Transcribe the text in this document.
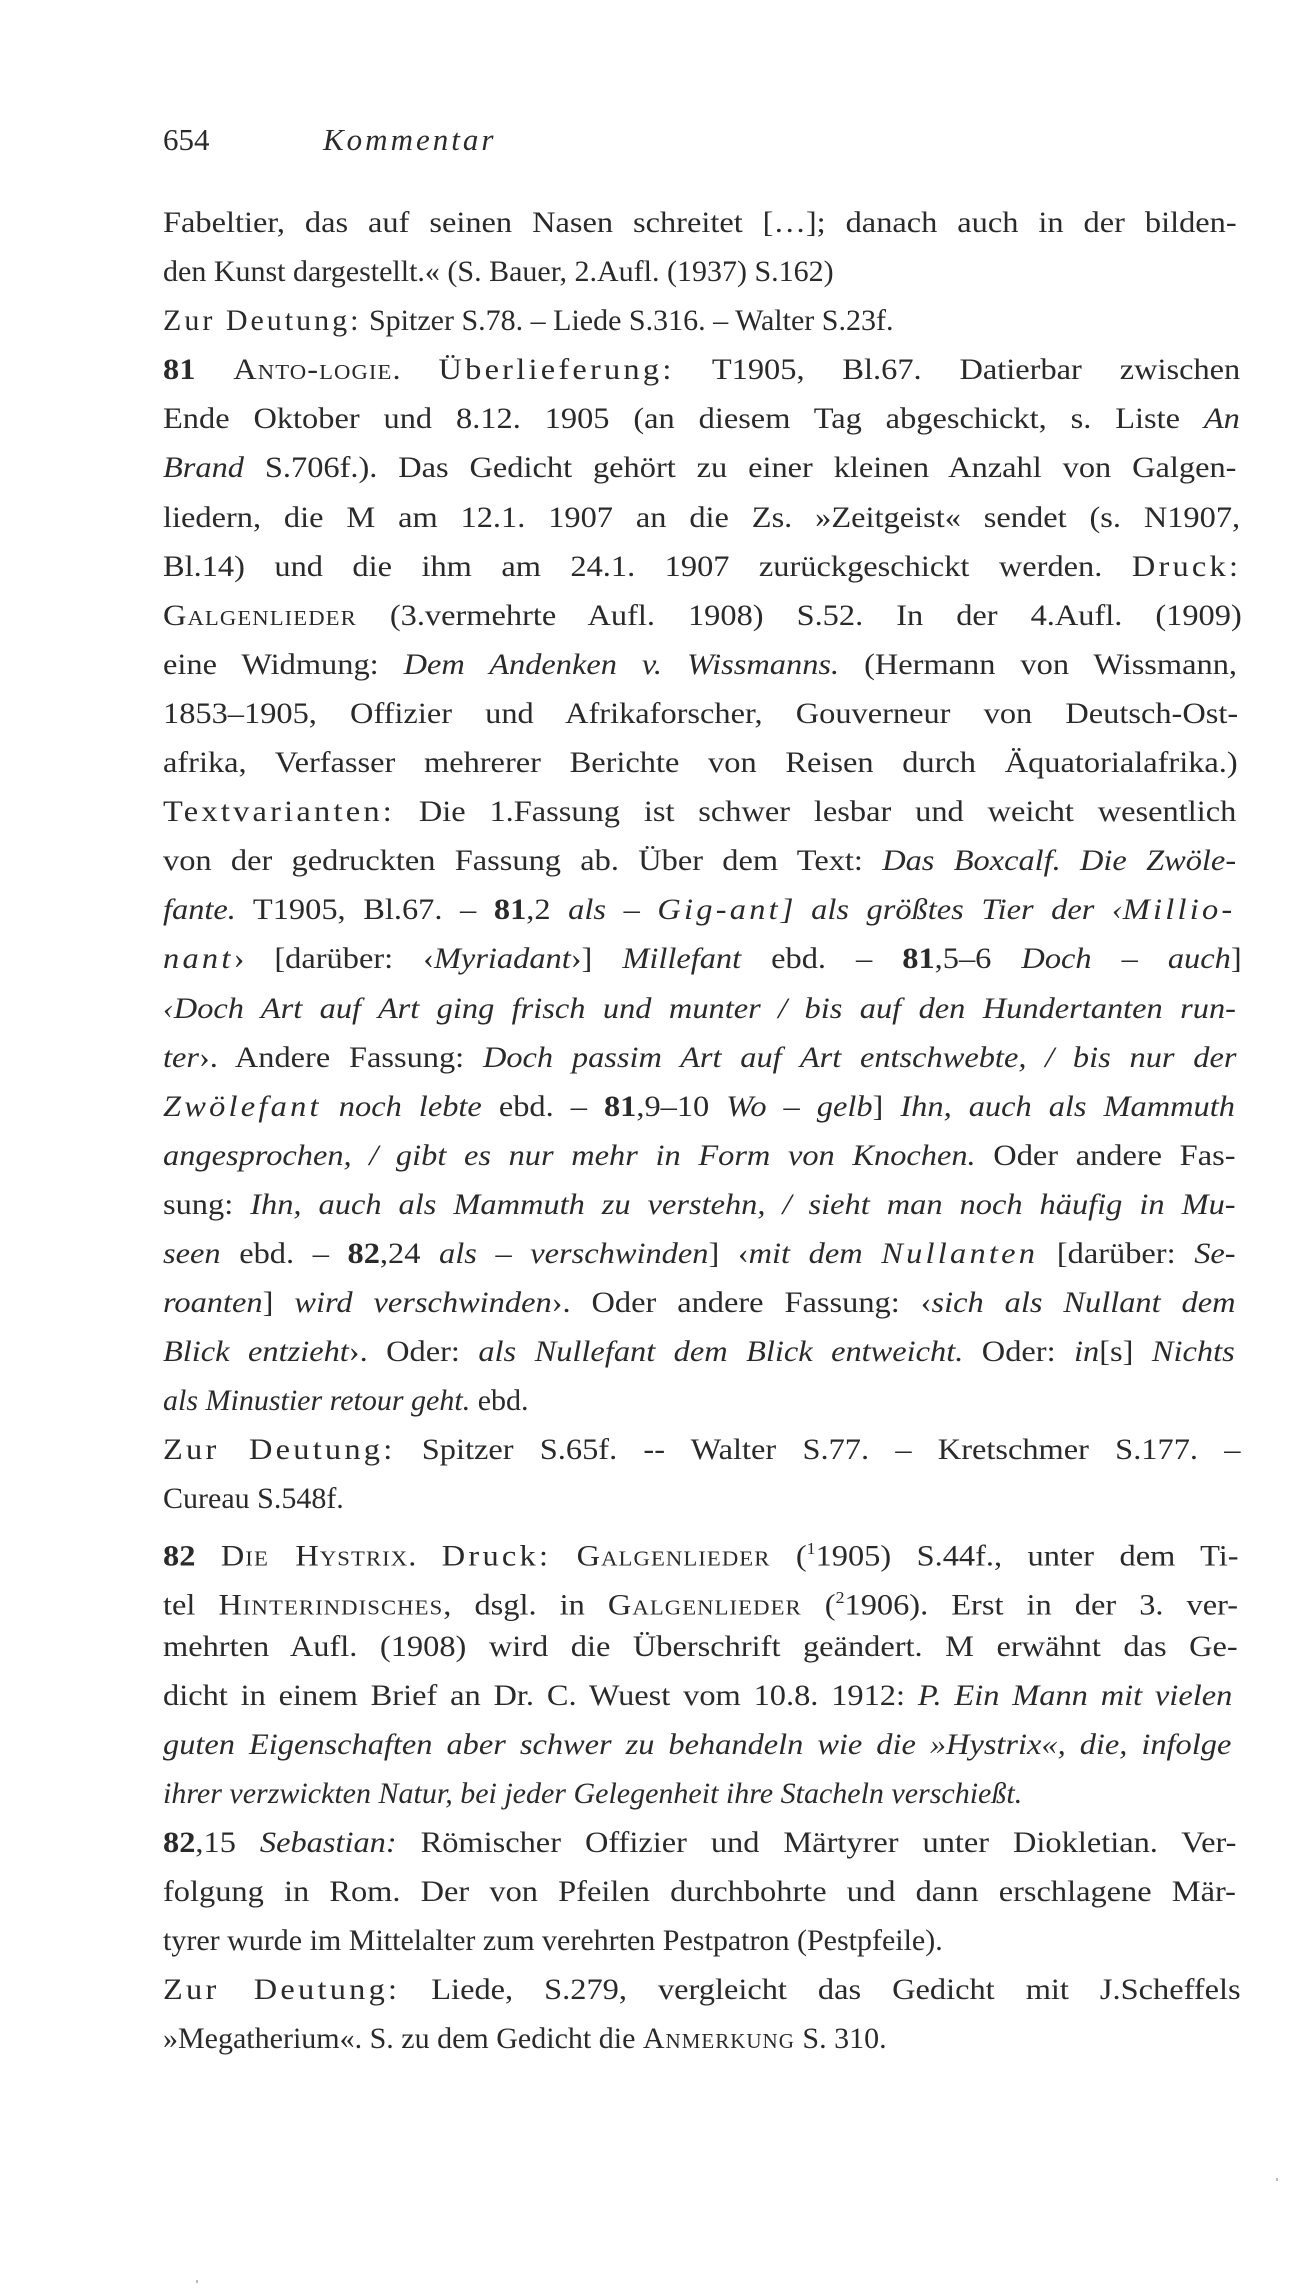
654	Kommentar
Fabeltier, das auf seinen Nasen schreitet […]; danach auch in der bilden-
den Kunst dargestellt.« (S. Bauer, 2.Aufl. (1937) S.162)
Zur Deutung: Spitzer S.78. – Liede S.316. – Walter S.23f.
81 Anto-logie. Überlieferung: T1905, Bl.67. Datierbar zwischen
Ende Oktober und 8.12. 1905 (an diesem Tag abgeschickt, s. Liste An
Brand S.706f.). Das Gedicht gehört zu einer kleinen Anzahl von Galgen-
liedern, die M am 12.1. 1907 an die Zs. »Zeitgeist« sendet (s. N1907,
Bl.14) und die ihm am 24.1. 1907 zurückgeschickt werden. Druck:
Galgenlieder (3.vermehrte Aufl. 1908) S.52. In der 4.Aufl. (1909)
eine Widmung: Dem Andenken v. Wissmanns. (Hermann von Wissmann,
1853–1905, Offizier und Afrikaforscher, Gouverneur von Deutsch-Ost-
afrika, Verfasser mehrerer Berichte von Reisen durch Äquatorialafrika.)
Textvarianten: Die 1.Fassung ist schwer lesbar und weicht wesentlich
von der gedruckten Fassung ab. Über dem Text: Das Boxcalf. Die Zwöle-
fante. T1905, Bl.67. – 81,2 als – Gig-ant] als größtes Tier der ‹Millio-
nant› [darüber: ‹Myriadant›] Millefant ebd. – 81,5–6 Doch – auch]
‹Doch Art auf Art ging frisch und munter / bis auf den Hundertanten run-
ter›. Andere Fassung: Doch passim Art auf Art entschwebte, / bis nur der
Zwölefant noch lebte ebd. – 81,9–10 Wo – gelb] Ihn, auch als Mammuth
angesprochen, / gibt es nur mehr in Form von Knochen. Oder andere Fas-
sung: Ihn, auch als Mammuth zu verstehn, / sieht man noch häufig in Mu-
seen ebd. – 82,24 als – verschwinden] ‹mit dem Nullanten [darüber: Se-
roanten] wird verschwinden›. Oder andere Fassung: ‹sich als Nullant dem
Blick entzieht›. Oder: als Nullefant dem Blick entweicht. Oder: in[s] Nichts
als Minustier retour geht. ebd.
Zur Deutung: Spitzer S.65f. -- Walter S.77. – Kretschmer S.177. –
Cureau S.548f.
82 Die Hystrix. Druck: Galgenlieder ($^1$1905) S.44f., unter dem Ti-
tel Hinterindisches, dsgl. in Galgenlieder ($^2$1906). Erst in der 3. ver-
mehrten Aufl. (1908) wird die Überschrift geändert. M erwähnt das Ge-
dicht in einem Brief an Dr. C. Wuest vom 10.8. 1912: P. Ein Mann mit vielen
guten Eigenschaften aber schwer zu behandeln wie die »Hystrix«, die, infolge
ihrer verzwickten Natur, bei jeder Gelegenheit ihre Stacheln verschießt.
82,15 Sebastian: Römischer Offizier und Märtyrer unter Diokletian. Ver-
folgung in Rom. Der von Pfeilen durchbohrte und dann erschlagene Mär-
tyrer wurde im Mittelalter zum verehrten Pestpatron (Pestpfeile).
Zur Deutung: Liede, S.279, vergleicht das Gedicht mit J.Scheffels
»Megatherium«. S. zu dem Gedicht die Anmerkung S. 310.
